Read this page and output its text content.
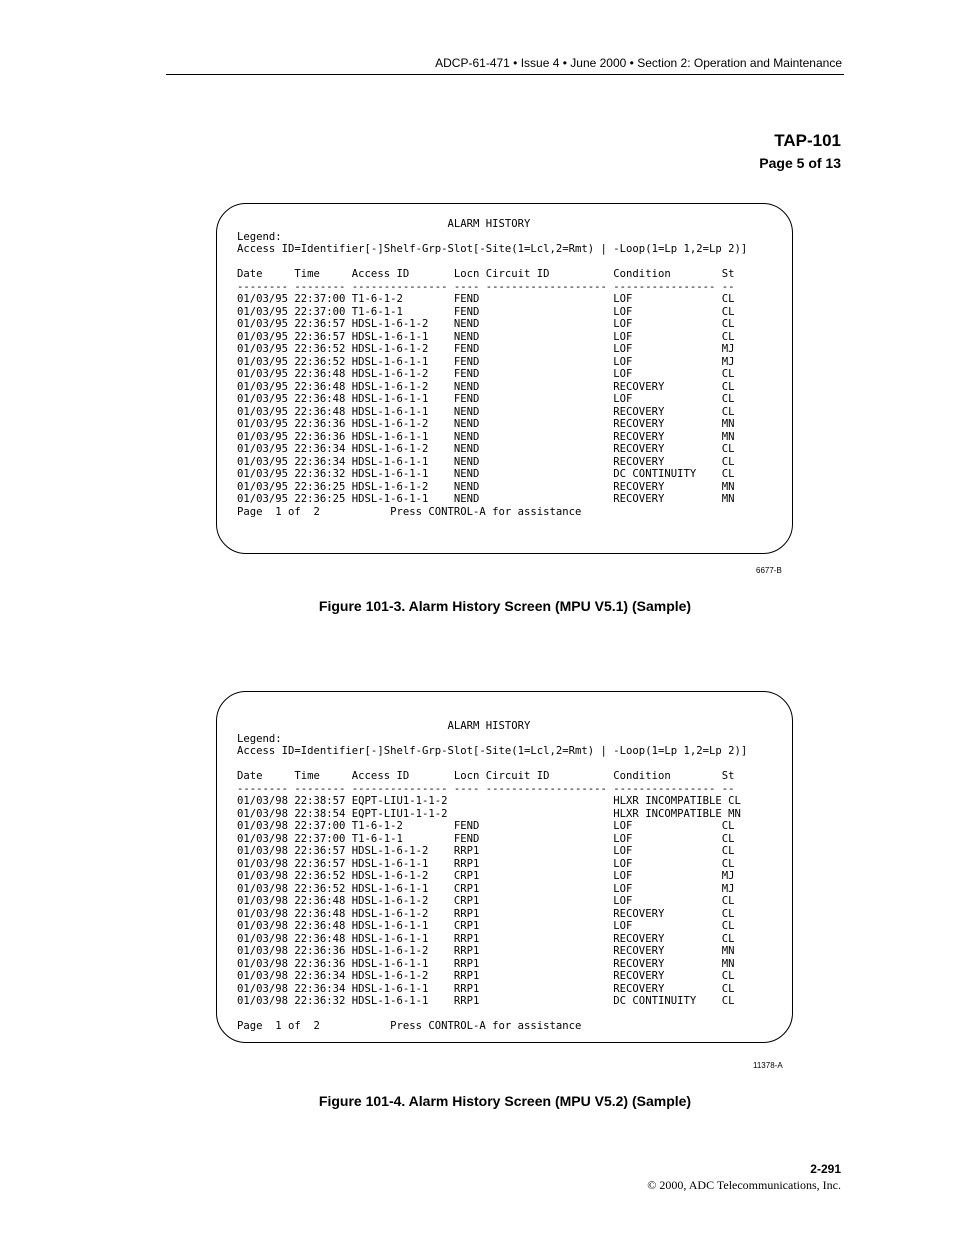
ADCP-61-471 • Issue 4 • June 2000 • Section 2: Operation and Maintenance
TAP-101
Page 5 of 13
ALARM HISTORY
Legend:
Access ID=Identifier[-]Shelf-Grp-Slot[-Site(1=Lcl,2=Rmt) | -Loop(1=Lp 1,2=Lp 2)]

Date     Time     Access ID       Locn Circuit ID          Condition        St
-------- -------- --------------- ---- ------------------- ---------------- --
01/03/95 22:37:00 T1-6-1-2        FEND                     LOF              CL
01/03/95 22:37:00 T1-6-1-1        FEND                     LOF              CL
01/03/95 22:36:57 HDSL-1-6-1-2    NEND                     LOF              CL
01/03/95 22:36:57 HDSL-1-6-1-1    NEND                     LOF              CL
01/03/95 22:36:52 HDSL-1-6-1-2    FEND                     LOF              MJ
01/03/95 22:36:52 HDSL-1-6-1-1    FEND                     LOF              MJ
01/03/95 22:36:48 HDSL-1-6-1-2    FEND                     LOF              CL
01/03/95 22:36:48 HDSL-1-6-1-2    NEND                     RECOVERY         CL
01/03/95 22:36:48 HDSL-1-6-1-1    FEND                     LOF              CL
01/03/95 22:36:48 HDSL-1-6-1-1    NEND                     RECOVERY         CL
01/03/95 22:36:36 HDSL-1-6-1-2    NEND                     RECOVERY         MN
01/03/95 22:36:36 HDSL-1-6-1-1    NEND                     RECOVERY         MN
01/03/95 22:36:34 HDSL-1-6-1-2    NEND                     RECOVERY         CL
01/03/95 22:36:34 HDSL-1-6-1-1    NEND                     RECOVERY         CL
01/03/95 22:36:32 HDSL-1-6-1-1    NEND                     DC CONTINUITY    CL
01/03/95 22:36:25 HDSL-1-6-1-2    NEND                     RECOVERY         MN
01/03/95 22:36:25 HDSL-1-6-1-1    NEND                     RECOVERY         MN
Page  1 of  2           Press CONTROL-A for assistance
6677-B
Figure 101-3. Alarm History Screen (MPU V5.1) (Sample)
ALARM HISTORY
Legend:
Access ID=Identifier[-]Shelf-Grp-Slot[-Site(1=Lcl,2=Rmt) | -Loop(1=Lp 1,2=Lp 2)]

Date     Time     Access ID       Locn Circuit ID          Condition        St
-------- -------- --------------- ---- ------------------- ---------------- --
01/03/98 22:38:57 EQPT-LIU1-1-1-2                          HLXR INCOMPATIBLE CL
01/03/98 22:38:54 EQPT-LIU1-1-1-2                          HLXR INCOMPATIBLE MN
01/03/98 22:37:00 T1-6-1-2        FEND                     LOF              CL
01/03/98 22:37:00 T1-6-1-1        FEND                     LOF              CL
01/03/98 22:36:57 HDSL-1-6-1-2    RRP1                     LOF              CL
01/03/98 22:36:57 HDSL-1-6-1-1    RRP1                     LOF              CL
01/03/98 22:36:52 HDSL-1-6-1-2    CRP1                     LOF              MJ
01/03/98 22:36:52 HDSL-1-6-1-1    CRP1                     LOF              MJ
01/03/98 22:36:48 HDSL-1-6-1-2    CRP1                     LOF              CL
01/03/98 22:36:48 HDSL-1-6-1-2    RRP1                     RECOVERY         CL
01/03/98 22:36:48 HDSL-1-6-1-1    CRP1                     LOF              CL
01/03/98 22:36:48 HDSL-1-6-1-1    RRP1                     RECOVERY         CL
01/03/98 22:36:36 HDSL-1-6-1-2    RRP1                     RECOVERY         MN
01/03/98 22:36:36 HDSL-1-6-1-1    RRP1                     RECOVERY         MN
01/03/98 22:36:34 HDSL-1-6-1-2    RRP1                     RECOVERY         CL
01/03/98 22:36:34 HDSL-1-6-1-1    RRP1                     RECOVERY         CL
01/03/98 22:36:32 HDSL-1-6-1-1    RRP1                     DC CONTINUITY    CL

Page  1 of  2           Press CONTROL-A for assistance
11378-A
Figure 101-4. Alarm History Screen (MPU V5.2) (Sample)
2-291
© 2000, ADC Telecommunications, Inc.
